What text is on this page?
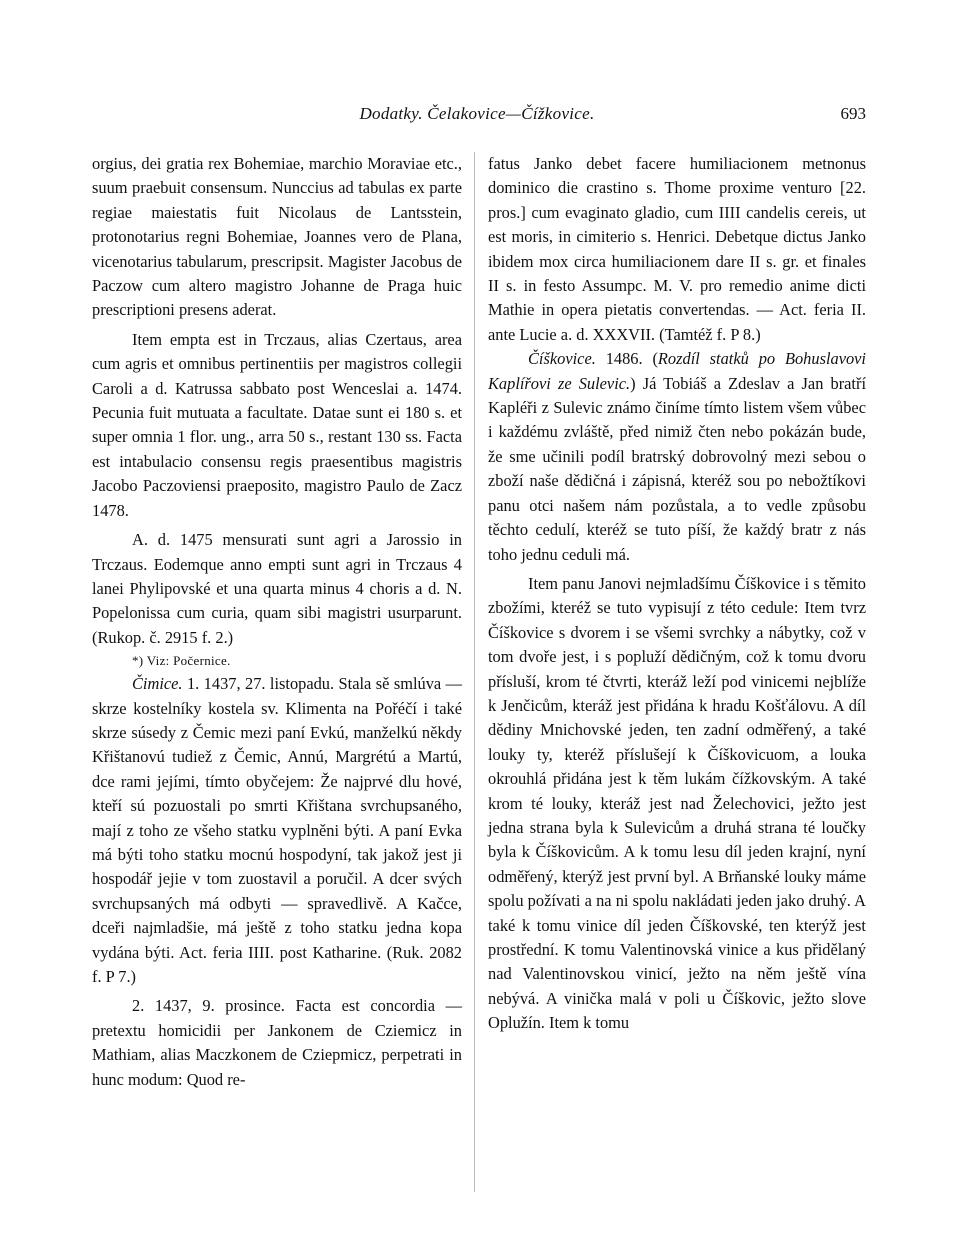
Dodatky. Čelakovice—Čížkovice.	693

orgius, dei gratia rex Bohemiae, marchio Moraviae etc., suum praebuit consensum. Nunccius ad tabulas ex parte regiae maiestatis fuit Nicolaus de Lantsstein, protonotarius regni Bohemiae, Joannes vero de Plana, vicenotarius tabularum, prescripsit. Magister Jacobus de Paczow cum altero magistro Johanne de Praga huic prescriptioni presens aderat.

Item empta est in Trczaus, alias Czertaus, area cum agris et omnibus pertinentiis per magistros collegii Caroli a d. Katrussa sabbato post Wenceslai a. 1474. Pecunia fuit mutuata a facultate. Datae sunt ei 180 s. et super omnia 1 flor. ung., arra 50 s., restant 130 ss. Facta est intabulacio consensu regis praesentibus magistris Jacobo Paczoviensi praeposito, magistro Paulo de Zacz 1478.

A. d. 1475 mensurati sunt agri a Jarossio in Trczaus. Eodemque anno empti sunt agri in Trczaus 4 lanei Phylipovské et una quarta minus 4 choris a d. N. Popelonissa cum curia, quam sibi magistri usurparunt. (Rukop. č. 2915 f. 2.)

*) Viz: Počernice.

Čimice. 1. 1437, 27. listopadu. Stala sě smlúva — skrze kostelníky kostela sv. Klimenta na Pořéčí i také skrze súsedy z Čemic mezi paní Evkú, manželkú někdy Křištanovú tudiež z Čemic, Annú, Margrétú a Martú, dce rami jejími, tímto obyčejem: Že najprvé dlu hové, kteří sú pozuostali po smrti Křištana svrchupsaného, mají z toho ze všeho statku vyplněni býti. A paní Evka má býti toho statku mocnú hospodyní, tak jakož jest ji hospodář jejie v tom zuostavil a poručil. A dcer svých svrchupsaných má odbyti — spravedlivě. A Kačce, dceři najmladšie, má ještě z toho statku jedna kopa vydána býti. Act. feria IIII. post Katharine. (Ruk. 2082 f. P 7.)

2. 1437, 9. prosince. Facta est concordia — pretextu homicidii per Jankonem de Cziemicz in Mathiam, alias Maczkonem de Cziepmicz, perpetrati in hunc modum: Quod re-

fatus Janko debet facere humiliacionem metnonus dominico die crastino s. Thome proxime venturo [22. pros.] cum evaginato gladio, cum IIII candelis cereis, ut est moris, in cimiterio s. Henrici. Debetque dictus Janko ibidem mox circa humiliacionem dare II s. gr. et finales II s. in festo Assumpc. M. V. pro remedio anime dicti Mathie in opera pietatis convertendas. — Act. feria II. ante Lucie a. d. XXXVII. (Tamtéž f. P 8.)

Číškovice. 1486. (Rozdíl statků po Bohuslavovi Kaplířovi ze Sulevic.) Já Tobiáš a Zdeslav a Jan bratří Kapléři z Sulevic známo činíme tímto listem všem vůbec i každému zvláště, před nimiž čten nebo pokázán bude, že sme učinili podíl bratrský dobrovolný mezi sebou o zboží naše dědičná i zápisná, kteréž sou po nebožtíkovi panu otci našem nám pozůstala, a to vedle způsobu těchto cedulí, kteréž se tuto píší, že každý bratr z nás toho jednu ceduli má.

Item panu Janovi nejmladšímu Číškovice i s těmito zbožími, kteréž se tuto vypisují z této cedule: Item tvrz Číškovice s dvorem i se všemi svrchky a nábytky, což v tom dvoře jest, i s popluží dědičným, což k tomu dvoru přísluší, krom té čtvrti, kteráž leží pod vinicemi nejblíže k Jenčicům, kteráž jest přidána k hradu Košťálovu. A díl dědiny Mnichovské jeden, ten zadní odměřený, a také louky ty, kteréž příslušejí k Číškovicuom, a louka okrouhlá přidána jest k těm lukám čížkovským. A také krom té louky, kteráž jest nad Želechovici, ježto jest jedna strana byla k Sulevicům a druhá strana té loučky byla k Číškovicům. A k tomu lesu díl jeden krajní, nyní odměřený, kterýž jest první byl. A Brňanské louky máme spolu požívati a na ni spolu nakládati jeden jako druhý. A také k tomu vinice díl jeden Číškovské, ten kterýž jest prostřední. K tomu Valentinovská vinice a kus přidělaný nad Valentinovskou vinicí, ježto na něm ještě vína nebývá. A vinička malá v poli u Číškovic, ježto slove Oplužín. Item k tomu
